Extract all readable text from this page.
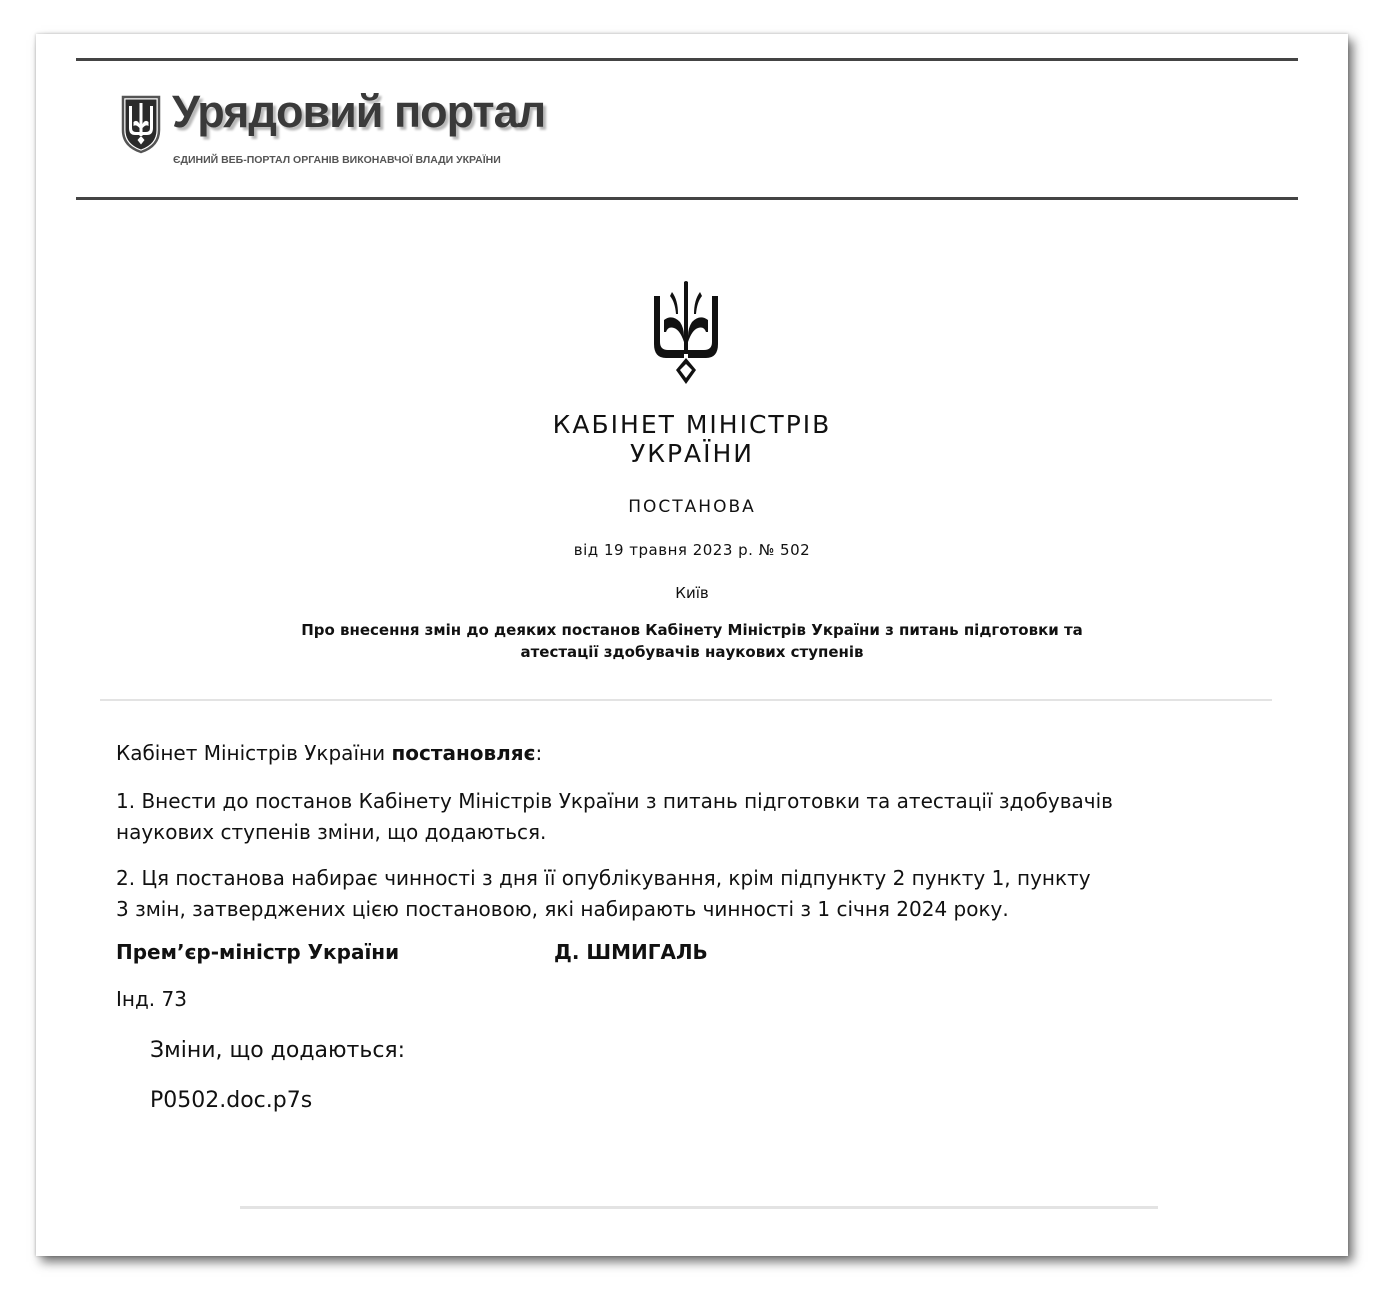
Урядовий портал
ЄДИНИЙ ВЕБ-ПОРТАЛ ОРГАНІВ ВИКОНАВЧОЇ ВЛАДИ УКРАЇНИ
КАБІНЕТ МІНІСТРІВ
УКРАЇНИ
ПОСТАНОВА
від 19 травня 2023 р. № 502
Київ
Про внесення змін до деяких постанов Кабінету Міністрів України з питань підготовки та
атестації здобувачів наукових ступенів
Кабінет Міністрів України постановляє:
1. Внести до постанов Кабінету Міністрів України з питань підготовки та атестації здобувачів
наукових ступенів зміни, що додаються.
2. Ця постанова набирає чинності з дня її опублікування, крім підпункту 2 пункту 1, пункту
3 змін, затверджених цією постановою, які набирають чинності з 1 січня 2024 року.
Прем’єр-міністр України	Д. ШМИГАЛЬ
Інд. 73
Зміни, що додаються:
P0502.doc.p7s
